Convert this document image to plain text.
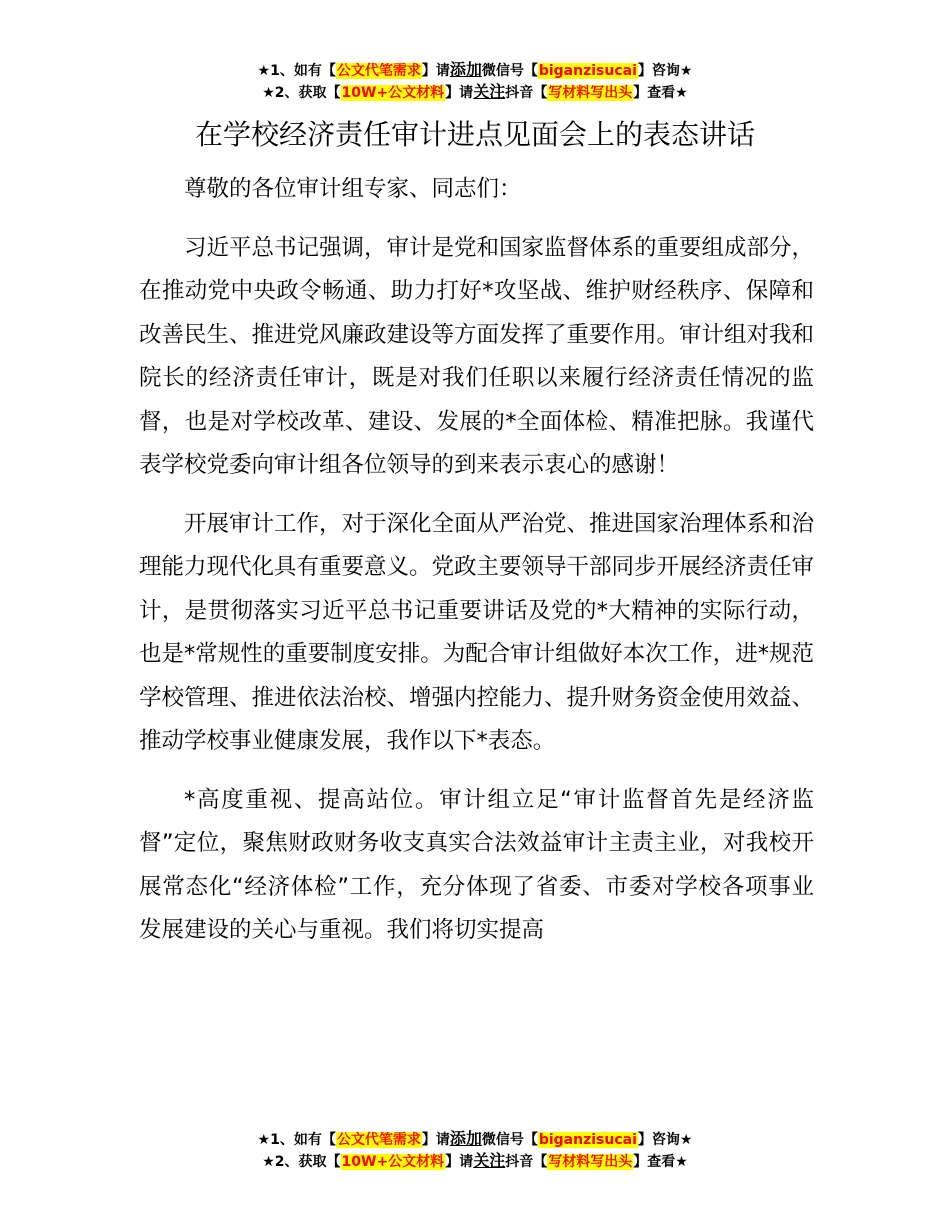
★1、如有【公文代笔需求】请添加微信号【biganzisucai】咨询★
★2、获取【10W+公文材料】请关注抖音【写材料写出头】查看★
在学校经济责任审计进点见面会上的表态讲话

尊敬的各位审计组专家、同志们：

习近平总书记强调，审计是党和国家监督体系的重要组成部分，在推动党中央政令畅通、助力打好*攻坚战、维护财经秩序、保障和改善民生、推进党风廉政建设等方面发挥了重要作用。审计组对我和院长的经济责任审计，既是对我们任职以来履行经济责任情况的监督，也是对学校改革、建设、发展的*全面体检、精准把脉。我谨代表学校党委向审计组各位领导的到来表示衷心的感谢！

开展审计工作，对于深化全面从严治党、推进国家治理体系和治理能力现代化具有重要意义。党政主要领导干部同步开展经济责任审计，是贯彻落实习近平总书记重要讲话及党的*大精神的实际行动，也是*常规性的重要制度安排。为配合审计组做好本次工作，进*规范学校管理、推进依法治校、增强内控能力、提升财务资金使用效益、推动学校事业健康发展，我作以下*表态。

*高度重视、提高站位。审计组立足“审计监督首先是经济监督”定位，聚焦财政财务收支真实合法效益审计主责主业，对我校开展常态化“经济体检”工作，充分体现了省委、市委对学校各项事业发展建设的关心与重视。我们将切实提高

★1、如有【公文代笔需求】请添加微信号【biganzisucai】咨询★
★2、获取【10W+公文材料】请关注抖音【写材料写出头】查看★
